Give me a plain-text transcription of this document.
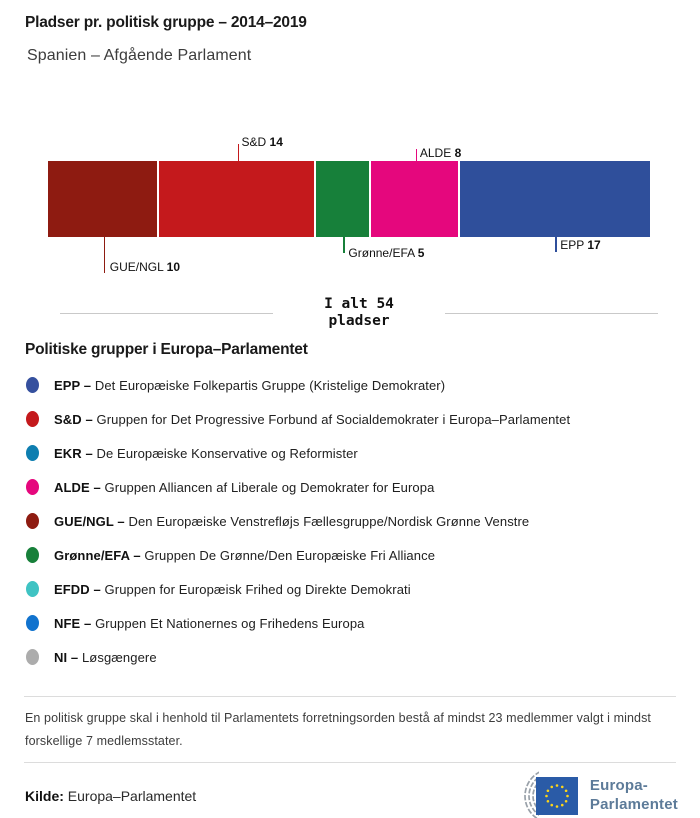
Pladser pr. politisk gruppe – 2014–2019
Spanien – Afgående Parlament
GUE/NGL 10
S&D 14
Grønne/EFA 5
ALDE 8
EPP 17
I alt 54
pladser
Politiske grupper i Europa–Parlamentet
EPP – Det Europæiske Folkepartis Gruppe (Kristelige Demokrater)
S&D – Gruppen for Det Progressive Forbund af Socialdemokrater i Europa–Parlamentet
EKR – De Europæiske Konservative og Reformister
ALDE – Gruppen Alliancen af Liberale og Demokrater for Europa
GUE/NGL – Den Europæiske Venstrefløjs Fællesgruppe/Nordisk Grønne Venstre
Grønne/EFA – Gruppen De Grønne/Den Europæiske Fri Alliance
EFDD – Gruppen for Europæisk Frihed og Direkte Demokrati
NFE – Gruppen Et Nationernes og Frihedens Europa
NI – Løsgængere
En politisk gruppe skal i henhold til Parlamentets forretningsorden bestå af mindst 23 medlemmer valgt i mindst forskellige 7 medlemsstater.
Kilde: Europa–Parlamentet
Europa-
Parlamentet
